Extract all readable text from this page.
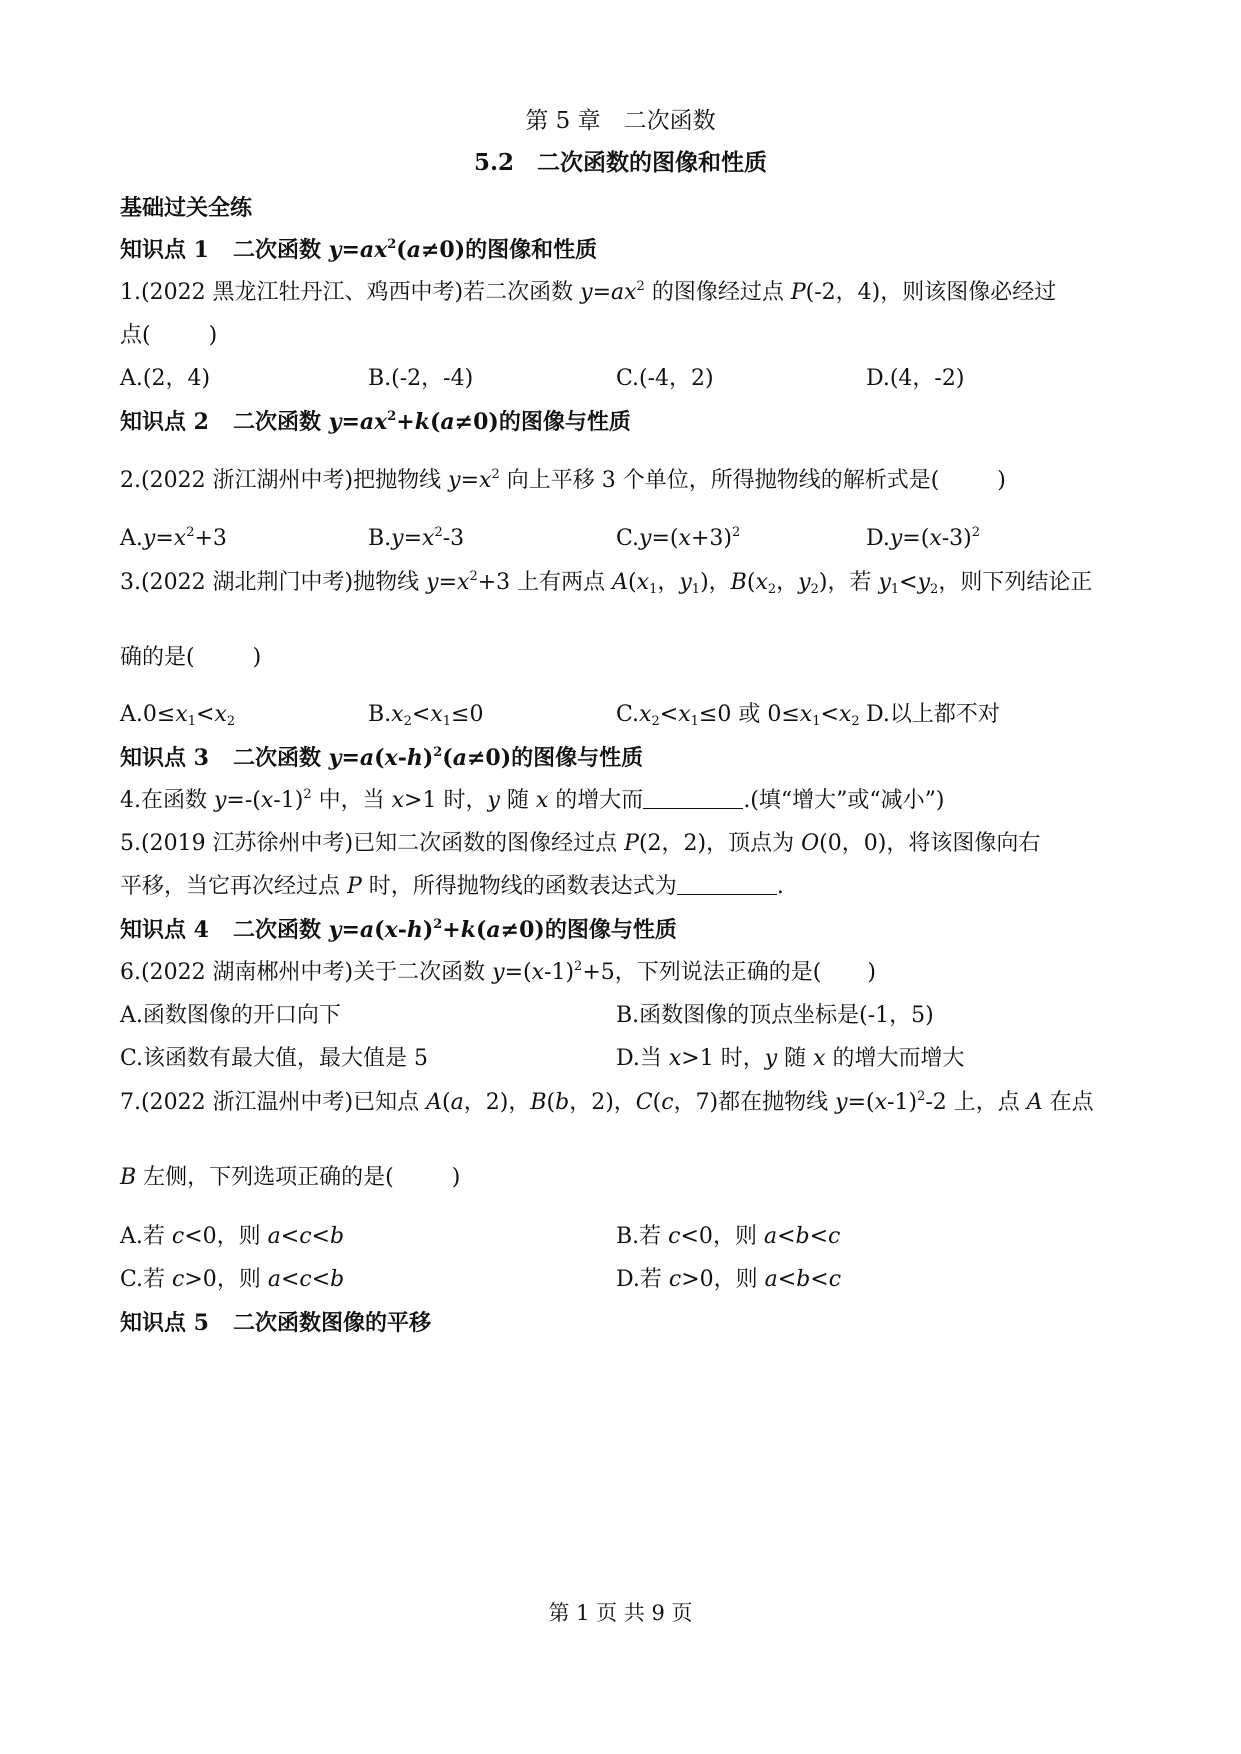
第 5 章　二次函数
5.2　二次函数的图像和性质
基础过关全练
知识点 1 二次函数 $y=ax^2(a\ne 0)$的图像和性质
1.(2022 黑龙江牡丹江、鸡西中考)若二次函数 $y=ax^2$ 的图像经过点 P(-2，4)，则该图像必经过
点(	)
A.(2，4)	B.(-2，-4)	C.(-4，2)	D.(4，-2)
知识点 2 二次函数 $y=ax^2+k(a\ne 0)$的图像与性质
2.(2022 浙江湖州中考)把抛物线 $y=x^2$ 向上平移 3 个单位，所得抛物线的解析式是(	)
$A.y=x^2+3$	$B.y=x^2-3$	$C.y=(x+3)^2$	$D.y=(x-3)^2$
3.(2022 湖北荆门中考)抛物线 $y=x^2+3$ 上有两点 $A(x_1$，$y_1$)，$B(x_2$，$y_2$)，若 $y_1<y_2$，则下列结论正
确的是(	)
$A.0\le x_1<x_2$	$B.x_2<x_1\le 0$	$C.x_2<x_1\le 0$ 或 $0\le x_1<x_2$ D.以上都不对
知识点 3 二次函数 $y=a(x-h)^2(a\ne 0)$的图像与性质
4.在函数 $y=-(x-1)^2$ 中，当 x>1 时，y 随 x 的增大而	.(填“增大”或“减小”)
5.(2019 江苏徐州中考)已知二次函数的图像经过点 P(2，2)，顶点为 O(0，0)，将该图像向右
平移，当它再次经过点 P 时，所得抛物线的函数表达式为	.
知识点 4 二次函数 $y=a(x-h)^2+k(a\ne 0)$的图像与性质
6.(2022 湖南郴州中考)关于二次函数 $y=(x-1)^2+5$，下列说法正确的是( )
A.函数图像的开口向下	B.函数图像的顶点坐标是(-1，5)
C.该函数有最大值，最大值是 5	D.当 x>1 时，y 随 x 的增大而增大
7.(2022 浙江温州中考)已知点 A(a，2)，B(b，2)，C(c，7)都在抛物线 $y=(x-1)^2-2$ 上，点 A 在点
B 左侧，下列选项正确的是(	)
A.若 c<0，则 a<c<b	B.若 c<0，则 a<b<c
C.若 c>0，则 a<c<b	D.若 c>0，则 a<b<c
知识点 5 二次函数图像的平移
第 1 页 共 9 页
